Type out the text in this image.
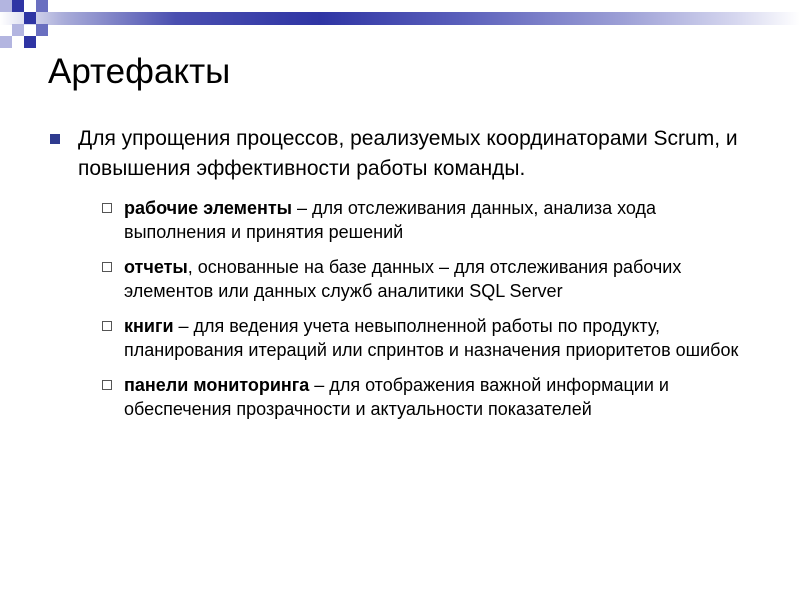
Артефакты
Для упрощения процессов, реализуемых координаторами Scrum, и повышения эффективности работы команды.
рабочие элементы – для отслеживания данных, анализа хода выполнения и принятия решений
отчеты, основанные на базе данных – для отслеживания рабочих элементов или данных служб аналитики SQL Server
книги – для ведения учета невыполненной работы по продукту, планирования итераций или спринтов и назначения приоритетов ошибок
панели мониторинга – для отображения важной информации и обеспечения прозрачности и актуальности показателей
